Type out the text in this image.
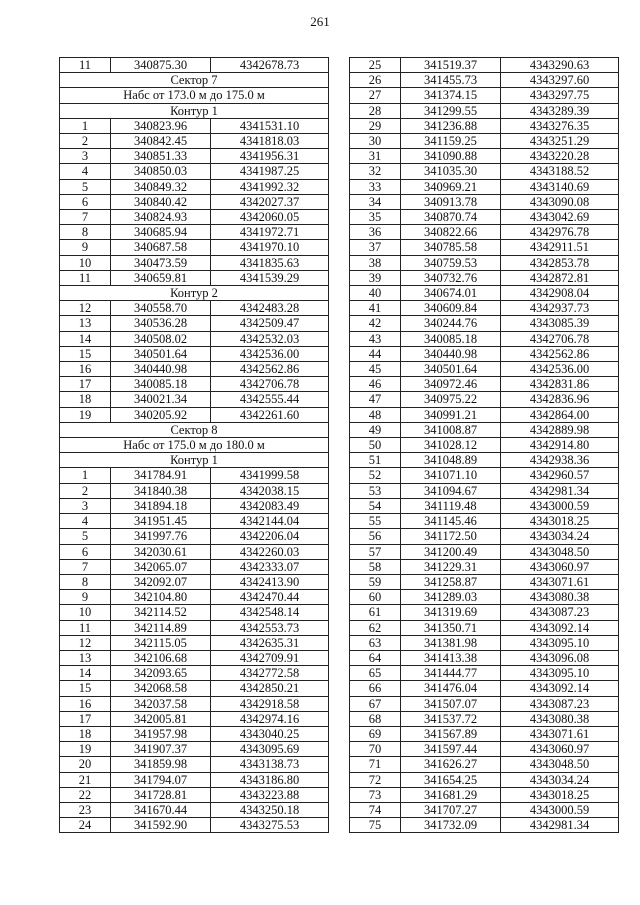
261
11	340875.30	4342678.73
Сектор 7		
Набс от 173.0 м до 175.0 м		
Контур 1		
1	340823.96	4341531.10
2	340842.45	4341818.03
3	340851.33	4341956.31
4	340850.03	4341987.25
5	340849.32	4341992.32
6	340840.42	4342027.37
7	340824.93	4342060.05
8	340685.94	4341972.71
9	340687.58	4341970.10
10	340473.59	4341835.63
11	340659.81	4341539.29
Контур 2		
12	340558.70	4342483.28
13	340536.28	4342509.47
14	340508.02	4342532.03
15	340501.64	4342536.00
16	340440.98	4342562.86
17	340085.18	4342706.78
18	340021.34	4342555.44
19	340205.92	4342261.60
Сектор 8		
Набс от 175.0 м до 180.0 м		
Контур 1		
1	341784.91	4341999.58
2	341840.38	4342038.15
3	341894.18	4342083.49
4	341951.45	4342144.04
5	341997.76	4342206.04
6	342030.61	4342260.03
7	342065.07	4342333.07
8	342092.07	4342413.90
9	342104.80	4342470.44
10	342114.52	4342548.14
11	342114.89	4342553.73
12	342115.05	4342635.31
13	342106.68	4342709.91
14	342093.65	4342772.58
15	342068.58	4342850.21
16	342037.58	4342918.58
17	342005.81	4342974.16
18	341957.98	4343040.25
19	341907.37	4343095.69
20	341859.98	4343138.73
21	341794.07	4343186.80
22	341728.81	4343223.88
23	341670.44	4343250.18
24	341592.90	4343275.53
25	341519.37	4343290.63
26	341455.73	4343297.60
27	341374.15	4343297.75
28	341299.55	4343289.39
29	341236.88	4343276.35
30	341159.25	4343251.29
31	341090.88	4343220.28
32	341035.30	4343188.52
33	340969.21	4343140.69
34	340913.78	4343090.08
35	340870.74	4343042.69
36	340822.66	4342976.78
37	340785.58	4342911.51
38	340759.53	4342853.78
39	340732.76	4342872.81
40	340674.01	4342908.04
41	340609.84	4342937.73
42	340244.76	4343085.39
43	340085.18	4342706.78
44	340440.98	4342562.86
45	340501.64	4342536.00
46	340972.46	4342831.86
47	340975.22	4342836.96
48	340991.21	4342864.00
49	341008.87	4342889.98
50	341028.12	4342914.80
51	341048.89	4342938.36
52	341071.10	4342960.57
53	341094.67	4342981.34
54	341119.48	4343000.59
55	341145.46	4343018.25
56	341172.50	4343034.24
57	341200.49	4343048.50
58	341229.31	4343060.97
59	341258.87	4343071.61
60	341289.03	4343080.38
61	341319.69	4343087.23
62	341350.71	4343092.14
63	341381.98	4343095.10
64	341413.38	4343096.08
65	341444.77	4343095.10
66	341476.04	4343092.14
67	341507.07	4343087.23
68	341537.72	4343080.38
69	341567.89	4343071.61
70	341597.44	4343060.97
71	341626.27	4343048.50
72	341654.25	4343034.24
73	341681.29	4343018.25
74	341707.27	4343000.59
75	341732.09	4342981.34
